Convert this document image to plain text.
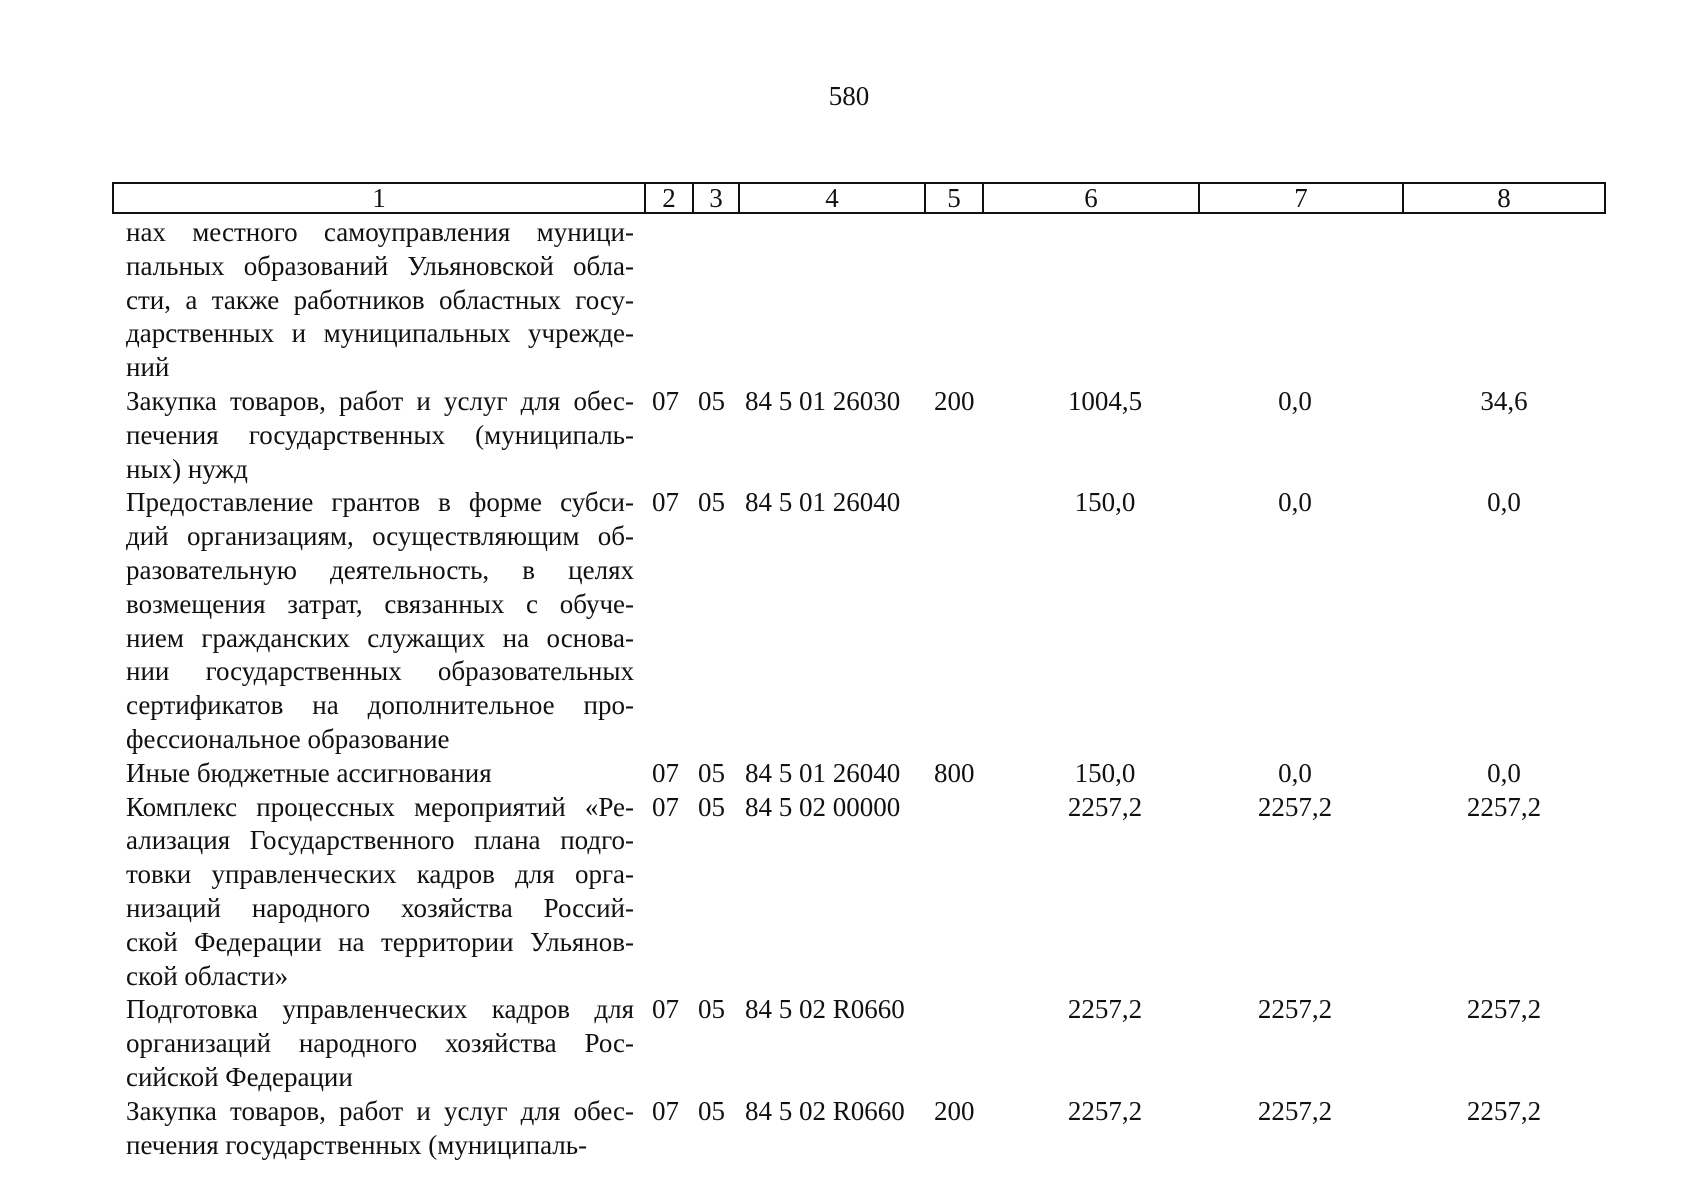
580
1	2	3	4	5	6	7	8
нах местного самоуправления муници-
пальных образований Ульяновской обла-
сти, а также работников областных госу-
дарственных и муниципальных учрежде-
ний
Закупка товаров, работ и услуг для обес-
печения государственных (муниципаль-
ных) нужд
07 05 84 5 01 26030 200	1004,5	0,0	34,6
Предоставление грантов в форме субси-
дий организациям, осуществляющим об-
разовательную деятельность, в целях
возмещения затрат, связанных с обуче-
нием гражданских служащих на основа-
нии государственных образовательных
сертификатов на дополнительное про-
фессиональное образование
07 05 84 5 01 26040	150,0	0,0	0,0
Иные бюджетные ассигнования	07 05 84 5 01 26040 800	150,0	0,0	0,0
Комплекс процессных мероприятий «Ре-
ализация Государственного плана подго-
товки управленческих кадров для орга-
низаций народного хозяйства Россий-
ской Федерации на территории Ульянов-
ской области»
07 05 84 5 02 00000	2257,2	2257,2	2257,2
Подготовка управленческих кадров для
организаций народного хозяйства Рос-
сийской Федерации
07 05 84 5 02 R0660	2257,2	2257,2	2257,2
Закупка товаров, работ и услуг для обес-
печения государственных (муниципаль-
07 05 84 5 02 R0660 200	2257,2	2257,2	2257,2
